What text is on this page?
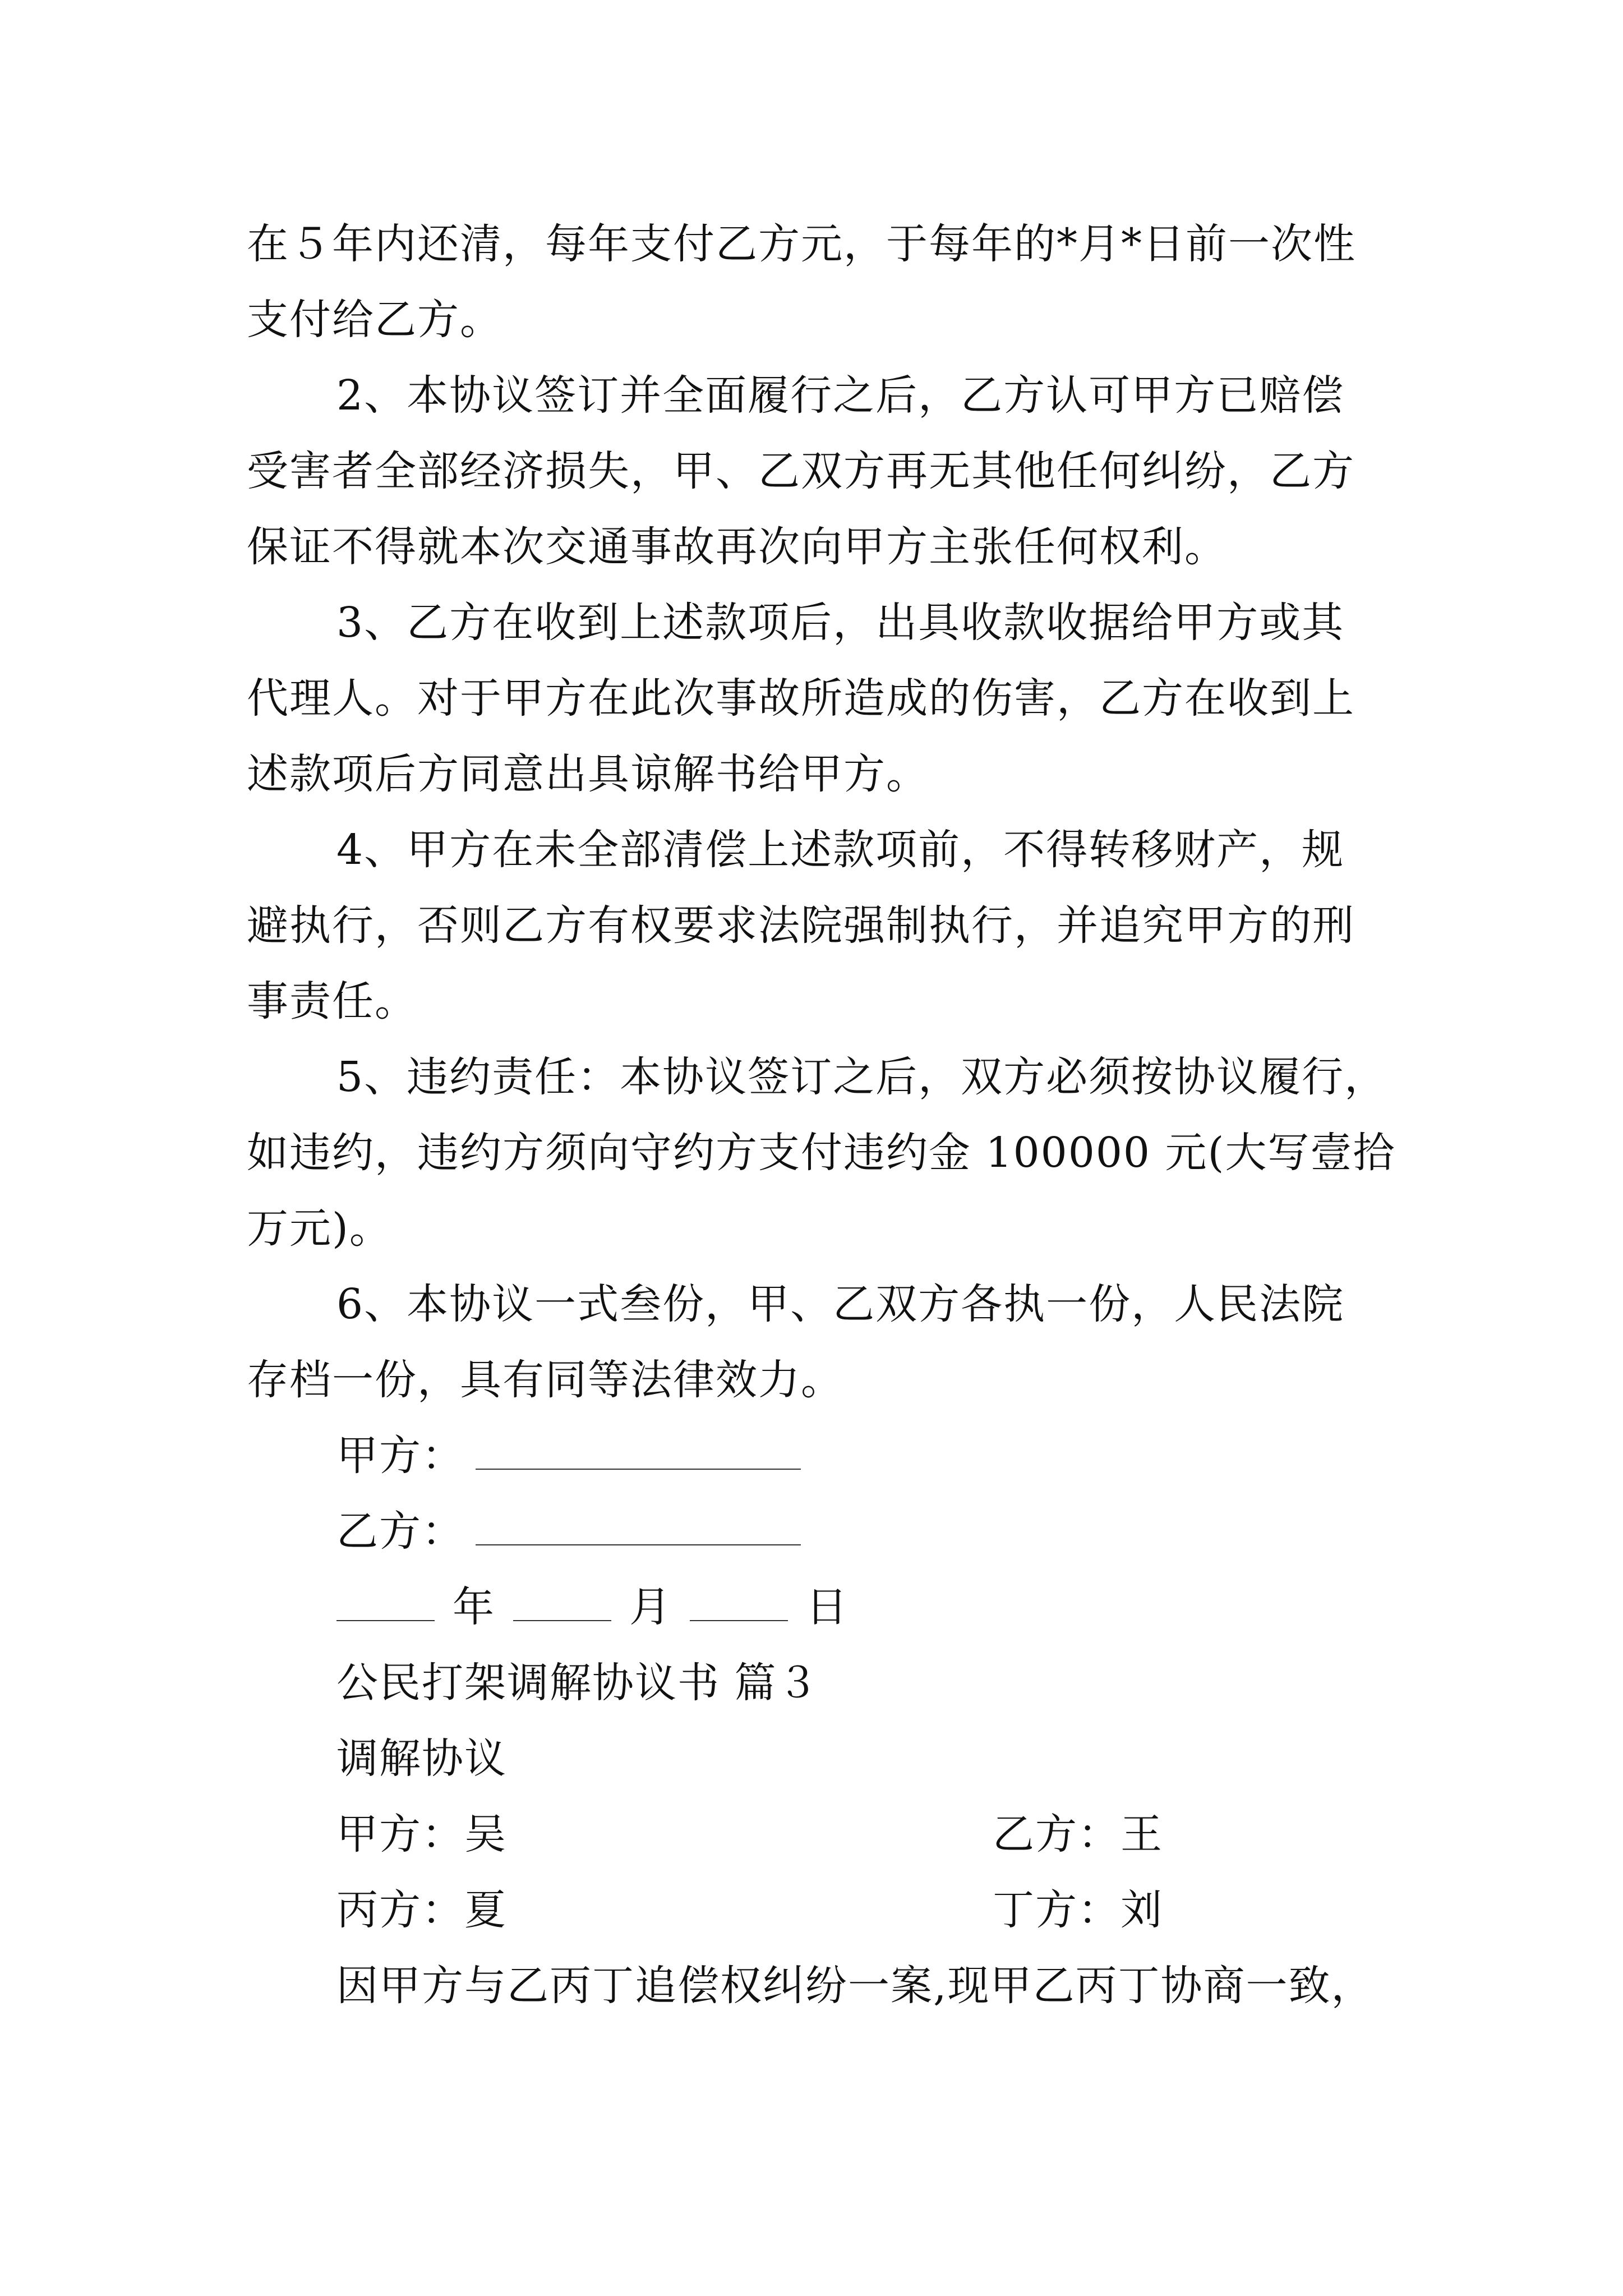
在５年内还清，每年支付乙方元，于每年的*月*日前一次性
支付给乙方。
2、本协议签订并全面履行之后，乙方认可甲方已赔偿
受害者全部经济损失，甲、乙双方再无其他任何纠纷，乙方
保证不得就本次交通事故再次向甲方主张任何权利。
3、乙方在收到上述款项后，出具收款收据给甲方或其
代理人。对于甲方在此次事故所造成的伤害，乙方在收到上
述款项后方同意出具谅解书给甲方。
4、甲方在未全部清偿上述款项前，不得转移财产，规
避执行，否则乙方有权要求法院强制执行，并追究甲方的刑
事责任。
5、违约责任：本协议签订之后，双方必须按协议履行，
如违约，违约方须向守约方支付违约金 100000 元(大写壹拾
万元)。
6、本协议一式叁份，甲、乙双方各执一份，人民法院
存档一份，具有同等法律效力。
甲方：
乙方：
年	月	日
公民打架调解协议书 篇３
调解协议
甲方：吴	乙方：王
丙方：夏	丁方：刘
因甲方与乙丙丁追偿权纠纷一案,现甲乙丙丁协商一致，
